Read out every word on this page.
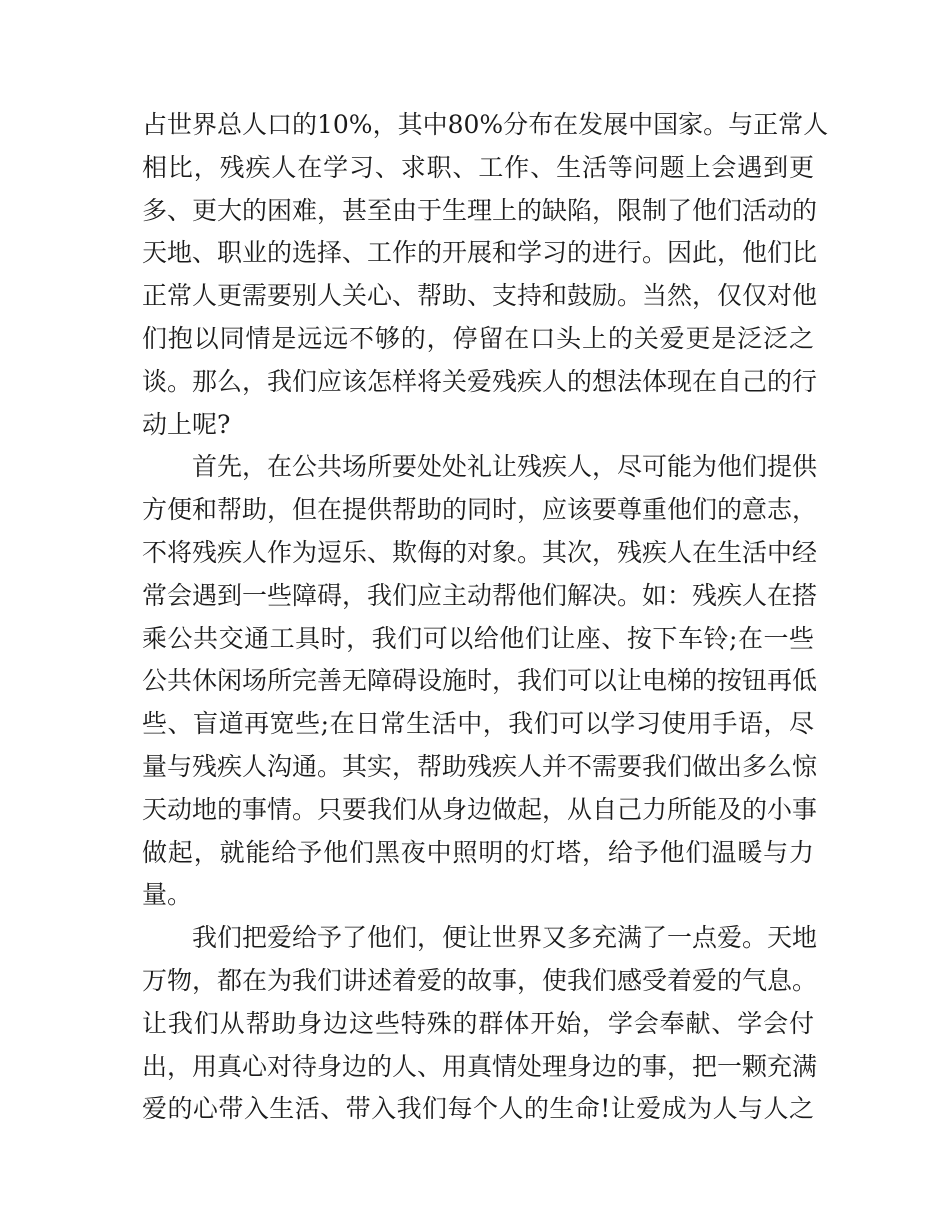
占世界总人口的10%，其中80%分布在发展中国家。与正常人
相比，残疾人在学习、求职、工作、生活等问题上会遇到更
多、更大的困难，甚至由于生理上的缺陷，限制了他们活动的
天地、职业的选择、工作的开展和学习的进行。因此，他们比
正常人更需要别人关心、帮助、支持和鼓励。当然，仅仅对他
们抱以同情是远远不够的，停留在口头上的关爱更是泛泛之
谈。那么，我们应该怎样将关爱残疾人的想法体现在自己的行
动上呢?
首先，在公共场所要处处礼让残疾人，尽可能为他们提供
方便和帮助，但在提供帮助的同时，应该要尊重他们的意志，
不将残疾人作为逗乐、欺侮的对象。其次，残疾人在生活中经
常会遇到一些障碍，我们应主动帮他们解决。如：残疾人在搭
乘公共交通工具时，我们可以给他们让座、按下车铃;在一些
公共休闲场所完善无障碍设施时，我们可以让电梯的按钮再低
些、盲道再宽些;在日常生活中，我们可以学习使用手语，尽
量与残疾人沟通。其实，帮助残疾人并不需要我们做出多么惊
天动地的事情。只要我们从身边做起，从自己力所能及的小事
做起，就能给予他们黑夜中照明的灯塔，给予他们温暖与力
量。
我们把爱给予了他们，便让世界又多充满了一点爱。天地
万物，都在为我们讲述着爱的故事，使我们感受着爱的气息。
让我们从帮助身边这些特殊的群体开始，学会奉献、学会付
出，用真心对待身边的人、用真情处理身边的事，把一颗充满
爱的心带入生活、带入我们每个人的生命!让爱成为人与人之
